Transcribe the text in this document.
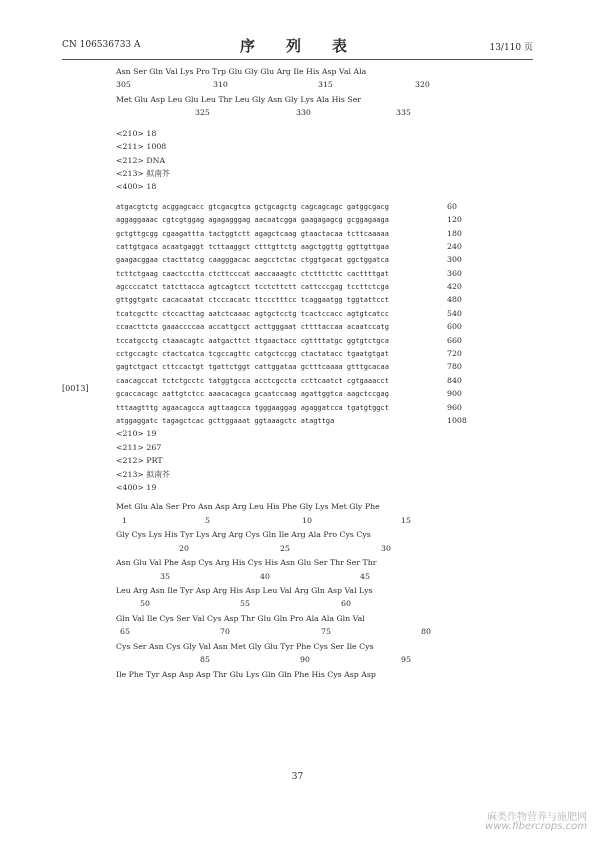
CN 106536733 A	序　列　表	13/110 页
[0013]
Asn Ser Gln Val Lys Pro Trp Glu Gly Glu Arg Ile His Asp Val Ala
305	310	315	320
Met Glu Asp Leu Glu Leu Thr Leu Gly Asn Gly Lys Ala His Ser
325	330	335
<210> 18
<211> 1008
<212> DNA
<213> 拟南芥
<400> 18
atgacgtctg acggagcacc gtcgacgtca gctgcagctg cagcagcagc gatggcgacg	60
aggaggaaac cgtcgtggag agagagggag aacaatcgga gaagagagcg gcggagaaga	120
gctgttgcgg cgaagattta tactggtctt agagctcaag gtaactacaa tcttcaaaaa	180
cattgtgaca acaatgaggt tcttaaggct ctttgttctg aagctggttg ggttgttgaa	240
gaagacggaa ctacttatcg caagggacac aagcctctac ctggtgacat ggctggatca	300
tcttctgaag caactcctta ctcttcccat aaccaaagtc ctctttcttc cacttttgat	360
agccccatct tatcttacca agtcagtcct tcctcttctt cattcccgag tccttctcga	420
gttggtgatc cacacaatat ctcccacatc ttccctttcc tcaggaatgg tggtattcct	480
tcatcgcttc ctccacttag aatctcaaac agtgctcctg tcactccacc agtgtcatcc	540
ccaacttcta gaaaccccaa accattgcct acttgggaat cttttaccaa acaatccatg	600
tccatgcctg ctaaacagtc aatgacttct ttgaactacc cgttttatgc ggtgtctgca	660
cctgccagtc ctactcatca tcgccagttc catgctccgg ctactatacc tgaatgtgat	720
gagtctgact cttccactgt tgattctggt cattggataa gctttcaaaa gtttgcacaa	780
caacagccat tctctgcctc tatggtgcca acctcgccta ccttcaatct cgtgaaacct	840
gcaccacagc aattgtctcc aaacacagca gcaatccaag agattggtca aagctccgag	900
tttaagtttg agaacagcca agttaagcca tgggaaggag agaggatcca tgatgtggct	960
atggaggatc tagagctcac gcttggaaat ggtaaagctc atagttga	1008
<210> 19
<211> 267
<212> PRT
<213> 拟南芥
<400> 19
Met Glu Ala Ser Pro Asn Asp Arg Leu His Phe Gly Lys Met Gly Phe
1	5	10	15
Gly Cys Lys His Tyr Lys Arg Arg Cys Gln Ile Arg Ala Pro Cys Cys
20	25	30
Asn Glu Val Phe Asp Cys Arg His Cys His Asn Glu Ser Thr Ser Thr
35	40	45
Leu Arg Asn Ile Tyr Asp Arg His Asp Leu Val Arg Gln Asp Val Lys
50	55	60
Gln Val Ile Cys Ser Val Cys Asp Thr Glu Gln Pro Ala Ala Gln Val
65	70	75	80
Cys Ser Asn Cys Gly Val Asn Met Gly Glu Tyr Phe Cys Ser Ile Cys
85	90	95
Ile Phe Tyr Asp Asp Asp Thr Glu Lys Gln Gln Phe His Cys Asp Asp
37
麻类作物营养与施肥网
www.fibercrops.com
